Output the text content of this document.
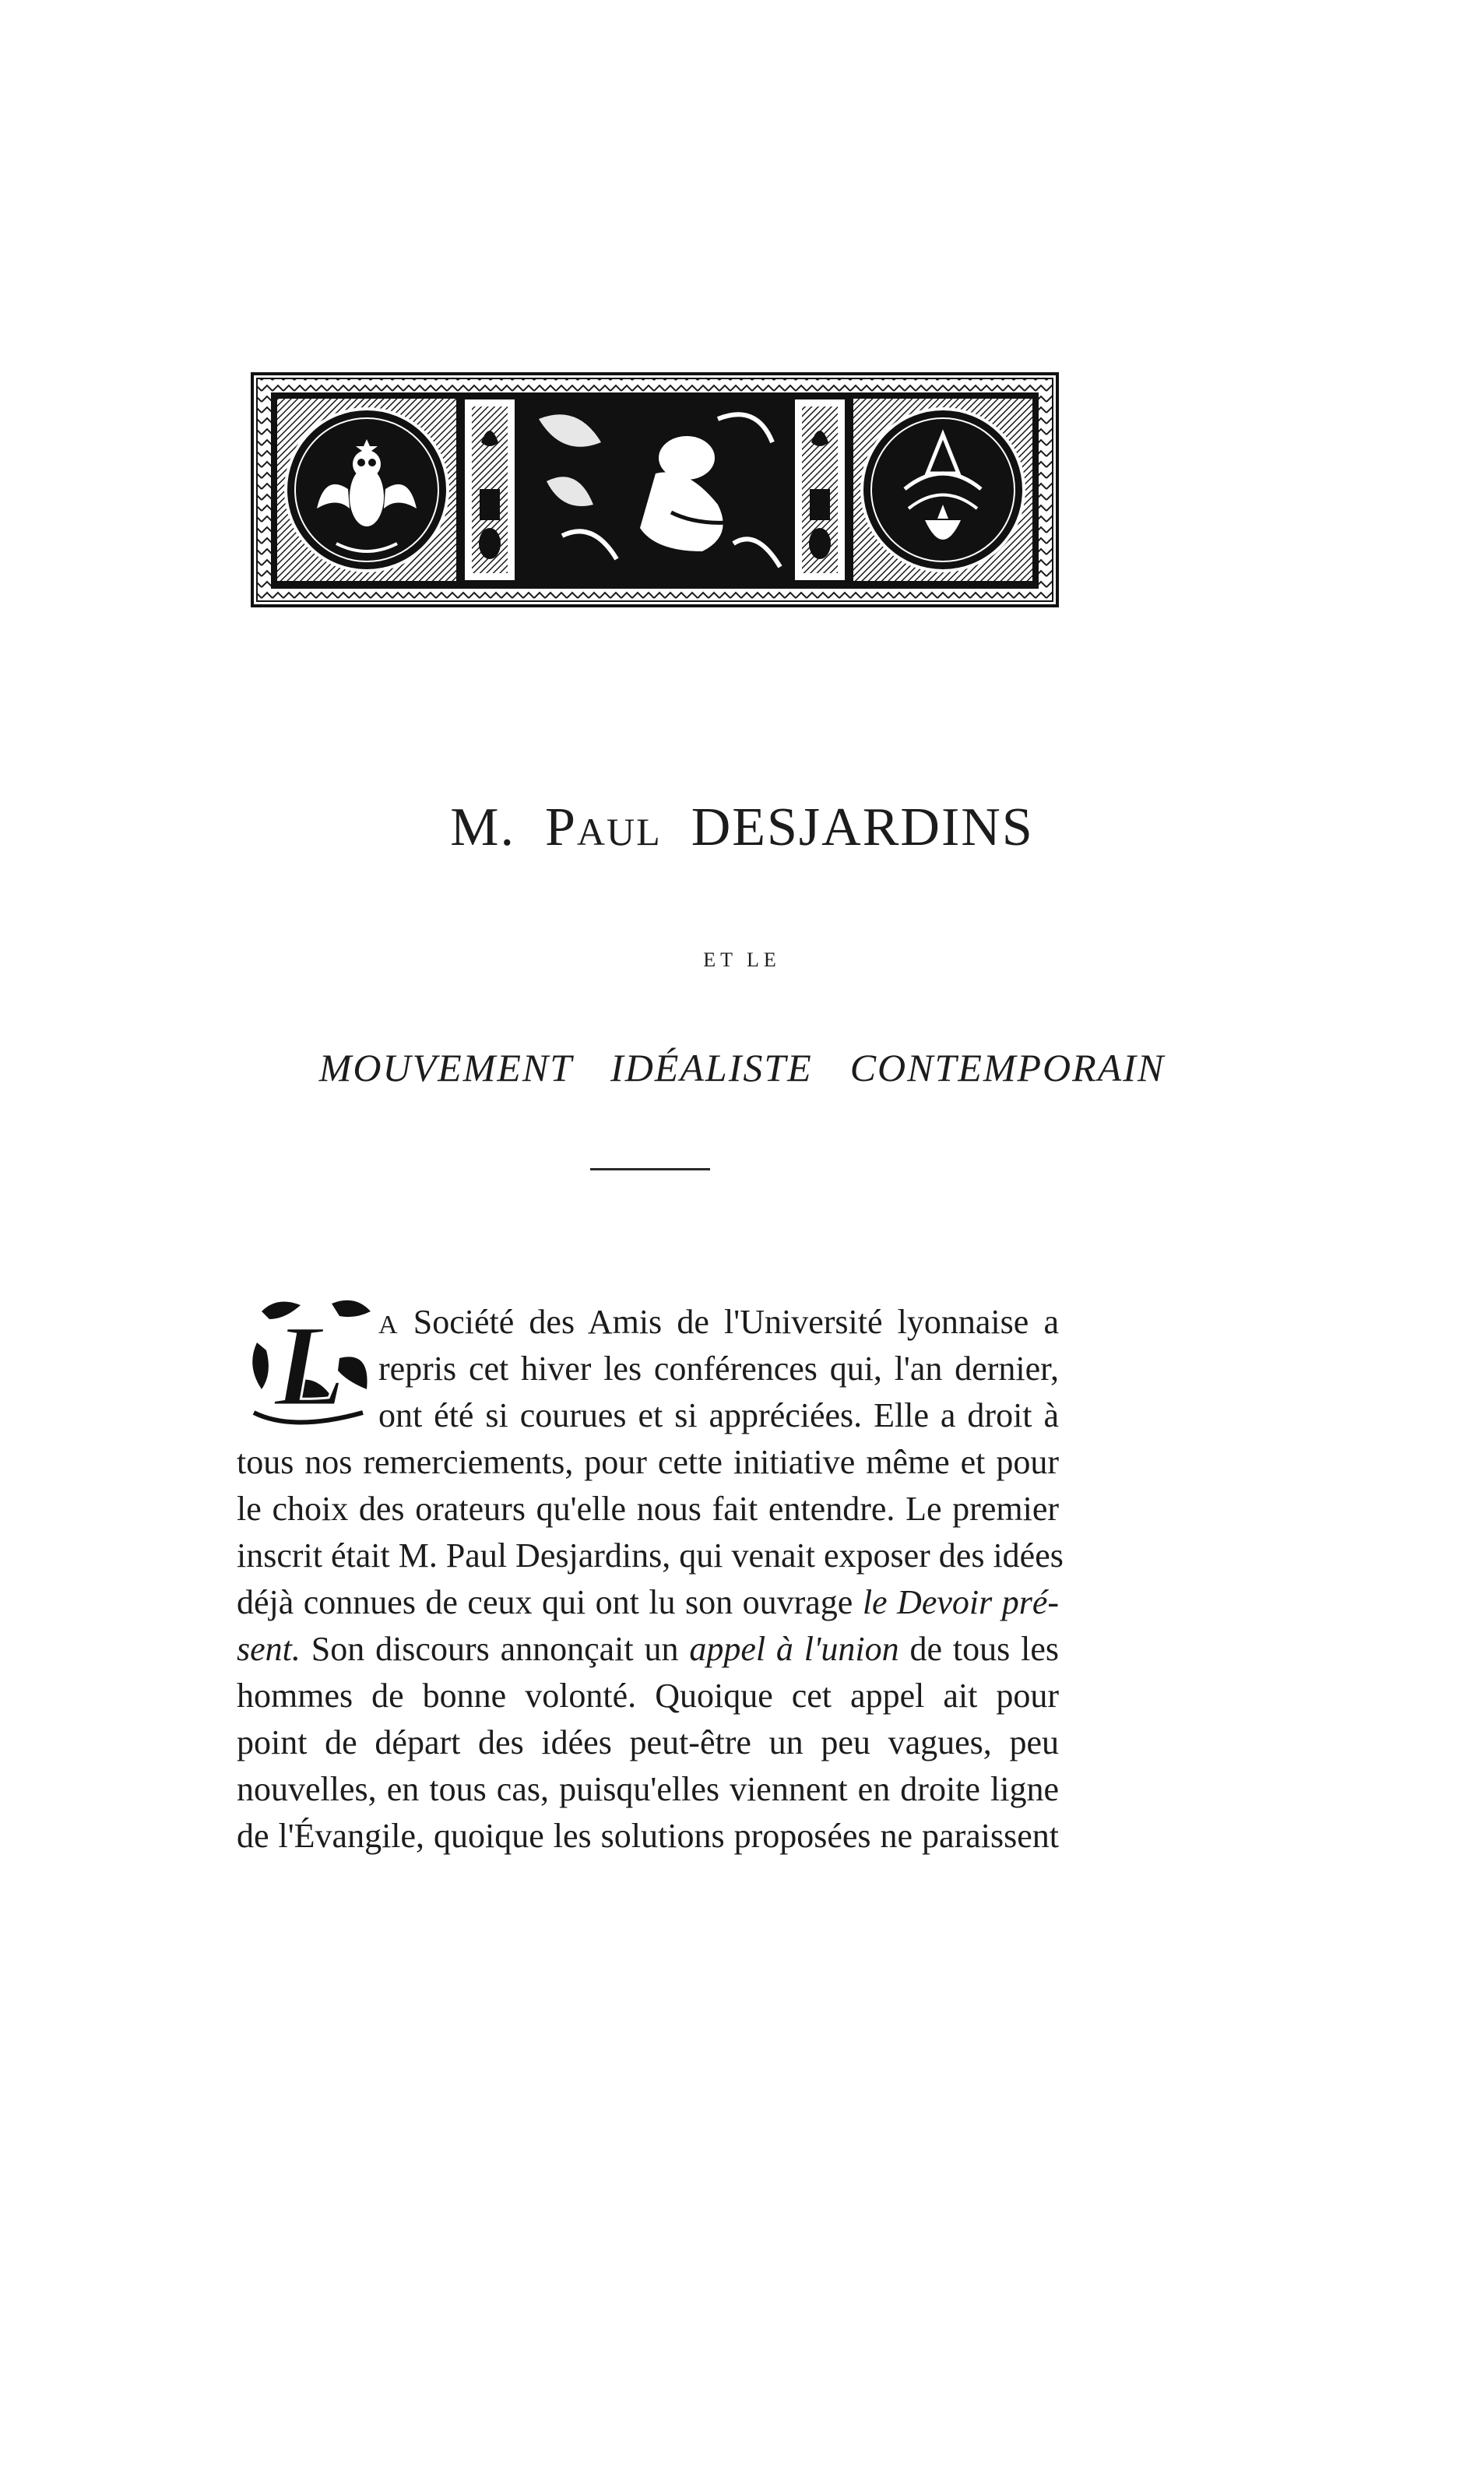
M. PAUL DESJARDINS
ET LE
MOUVEMENT IDÉALISTE CONTEMPORAIN
L A Société des Amis de l'Université lyonnaise a
repris cet hiver les conférences qui, l'an dernier,
ont été si courues et si appréciées. Elle a droit à
tous nos remerciements, pour cette initiative même et pour
le choix des orateurs qu'elle nous fait entendre. Le premier
inscrit était M. Paul Desjardins, qui venait exposer des idées
déjà connues de ceux qui ont lu son ouvrage le Devoir pré-
sent. Son discours annonçait un appel à l'union de tous les
hommes de bonne volonté. Quoique cet appel ait pour
point de départ des idées peut-être un peu vagues, peu
nouvelles, en tous cas, puisqu'elles viennent en droite ligne
de l'Évangile, quoique les solutions proposées ne paraissent
